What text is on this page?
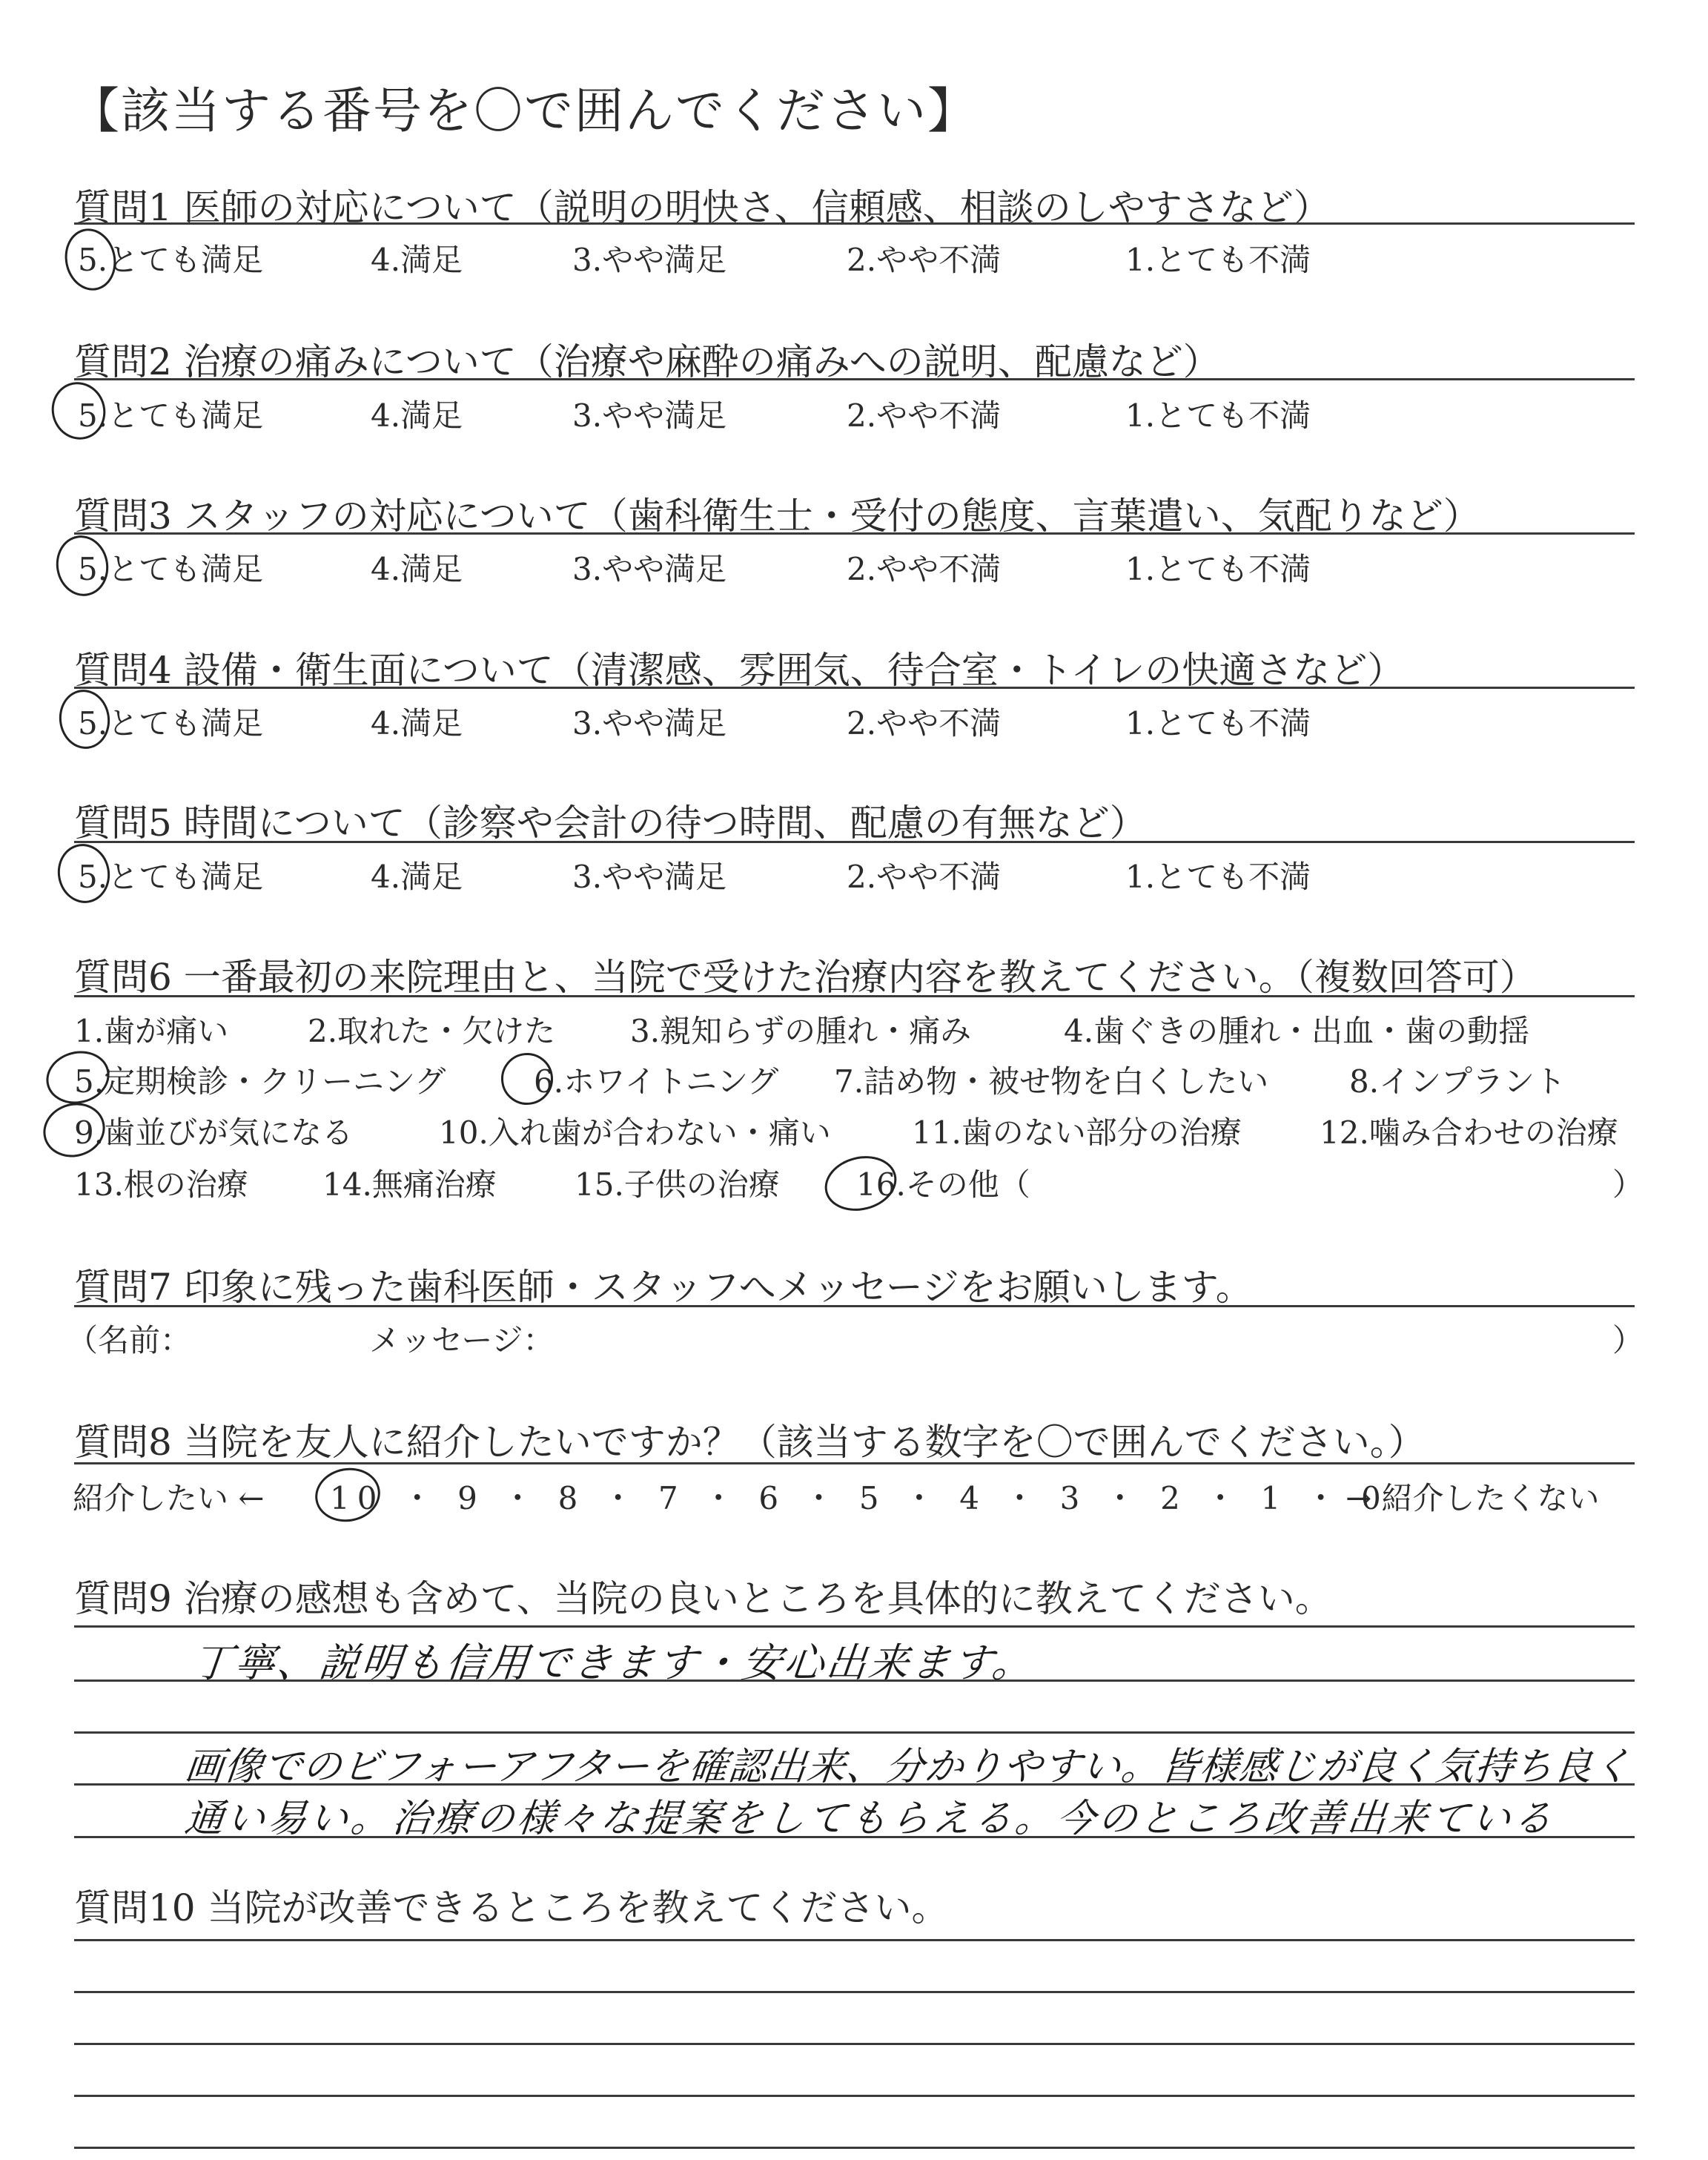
【該当する番号を〇で囲んでください】
質問1 医師の対応について（説明の明快さ、信頼感、相談のしやすさなど）
5.とても満足	4.満足	3.やや満足	2.やや不満	1.とても不満
質問2 治療の痛みについて（治療や麻酔の痛みへの説明、配慮など）
5.とても満足	4.満足	3.やや満足	2.やや不満	1.とても不満
質問3 スタッフの対応について（歯科衛生士・受付の態度、言葉遣い、気配りなど）
5.とても満足	4.満足	3.やや満足	2.やや不満	1.とても不満
質問4 設備・衛生面について（清潔感、雰囲気、待合室・トイレの快適さなど）
5.とても満足	4.満足	3.やや満足	2.やや不満	1.とても不満
質問5 時間について（診察や会計の待つ時間、配慮の有無など）
5.とても満足	4.満足	3.やや満足	2.やや不満	1.とても不満
質問6 一番最初の来院理由と、当院で受けた治療内容を教えてください。（複数回答可）
1.歯が痛い	2.取れた・欠けた 3.親知らずの腫れ・痛み	4.歯ぐきの腫れ・出血・歯の動揺
5.定期検診・クリーニング	6.ホワイトニング 7.詰め物・被せ物を白くしたい	8.インプラント
9.歯並びが気になる	10.入れ歯が合わない・痛い	11.歯のない部分の治療	12.噛み合わせの治療
13.根の治療 14.無痛治療	15.子供の治療 16.その他（	）
質問7 印象に残った歯科医師・スタッフへメッセージをお願いします。
（名前：	メッセージ：	）
質問8 当院を友人に紹介したいですか？（該当する数字を〇で囲んでください。）
紹介したい ← 10 ・ 9 ・ 8 ・ 7 ・ 6 ・ 5 ・ 4 ・ 3 ・ 2 ・ 1 ・ 0
→ 紹介したくない
質問9 治療の感想も含めて、当院の良いところを具体的に教えてください。
丁寧、説明も信用できます・安心出来ます。
画像でのビフォーアフターを確認出来、分かりやすい。皆様感じが良く気持ち良く
通い易い。治療の様々な提案をしてもらえる。今のところ改善出来ている
質問10 当院が改善できるところを教えてください。
